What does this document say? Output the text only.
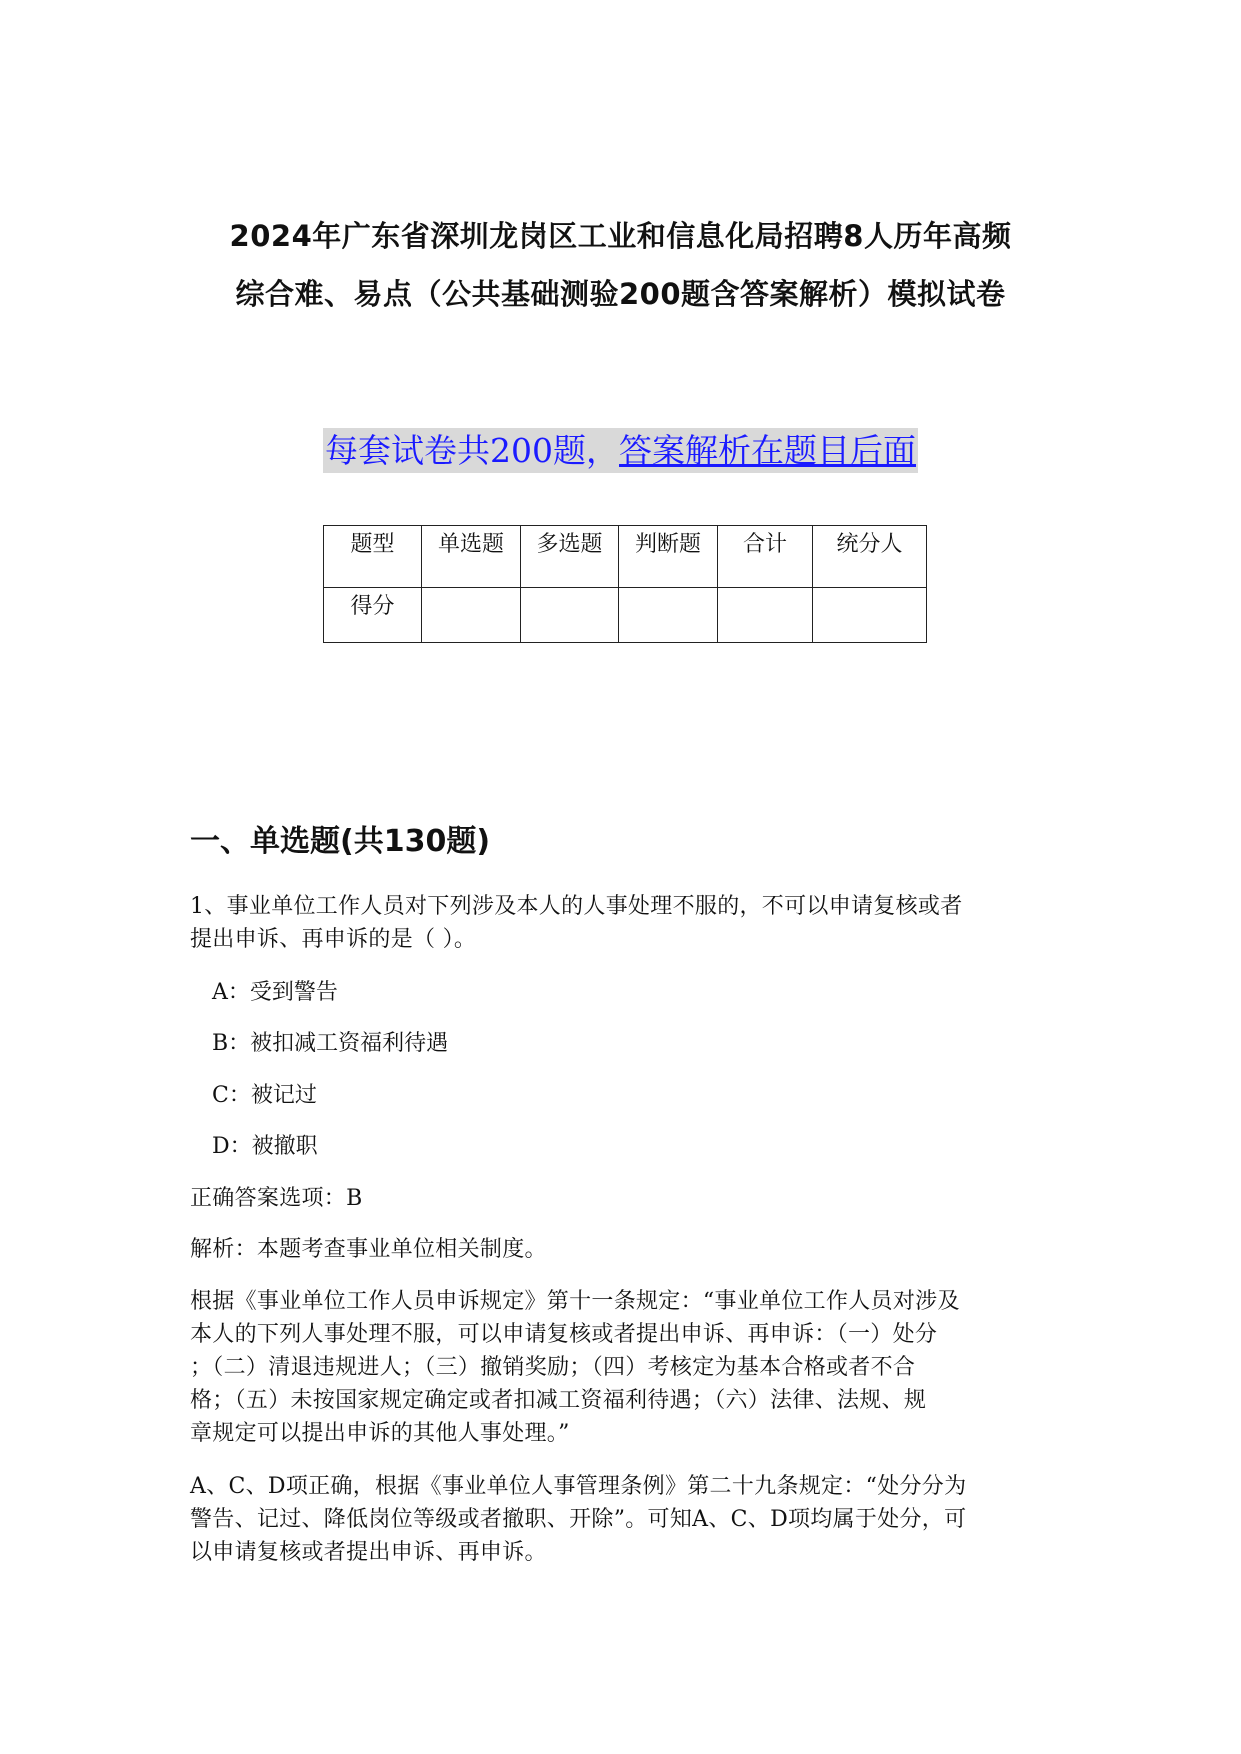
2024年广东省深圳龙岗区工业和信息化局招聘8人历年高频
综合难、易点（公共基础测验200题含答案解析）模拟试卷
每套试卷共200题，答案解析在题目后面
题型	单选题	多选题	判断题	合计	统分人
得分					
一、单选题(共130题)
1、事业单位工作人员对下列涉及本人的人事处理不服的，不可以申请复核或者
提出申诉、再申诉的是（ ）。
A：受到警告
B：被扣减工资福利待遇
C：被记过
D：被撤职
正确答案选项：B
解析：本题考查事业单位相关制度。
根据《事业单位工作人员申诉规定》第十一条规定：“事业单位工作人员对涉及
本人的下列人事处理不服，可以申请复核或者提出申诉、再申诉：（一）处分
；（二）清退违规进人；（三）撤销奖励；（四）考核定为基本合格或者不合
格；（五）未按国家规定确定或者扣减工资福利待遇；（六）法律、法规、规
章规定可以提出申诉的其他人事处理。”
A、C、D项正确，根据《事业单位人事管理条例》第二十九条规定：“处分分为
警告、记过、降低岗位等级或者撤职、开除”。可知A、C、D项均属于处分，可
以申请复核或者提出申诉、再申诉。
